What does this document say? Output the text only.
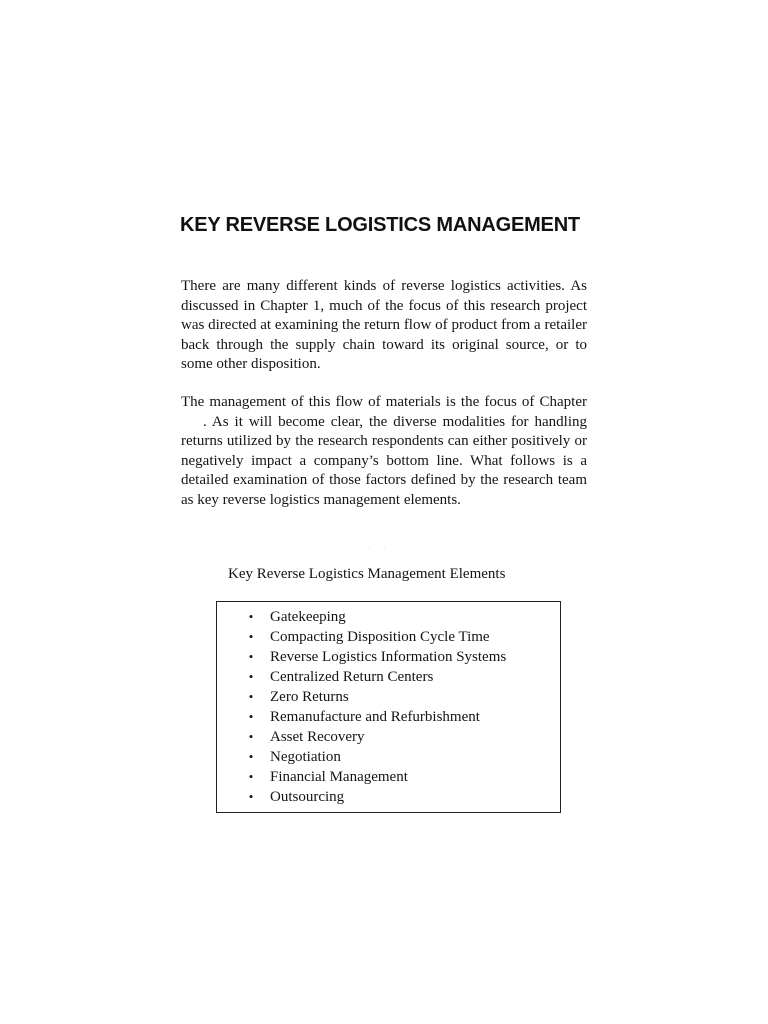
KEY REVERSE LOGISTICS MANAGEMENT

There are many different kinds of reverse logistics activities. As discussed in Chapter 1, much of the focus of this research project was directed at examining the return flow of product from a retailer back through the supply chain toward its original source, or to some other disposition.

The management of this flow of materials is the focus of Chapter. As it will become clear, the diverse modalities for handling returns utilized by the research respondents can either positively or negatively impact a company’s bottom line. What follows is a detailed examination of those factors defined by the research team as key reverse logistics management elements.

· · ·

Key Reverse Logistics Management Elements

•	Gatekeeping
•	Compacting Disposition Cycle Time
•	Reverse Logistics Information Systems
•	Centralized Return Centers
•	Zero Returns
•	Remanufacture and Refurbishment
•	Asset Recovery
•	Negotiation
•	Financial Management
•	Outsourcing
